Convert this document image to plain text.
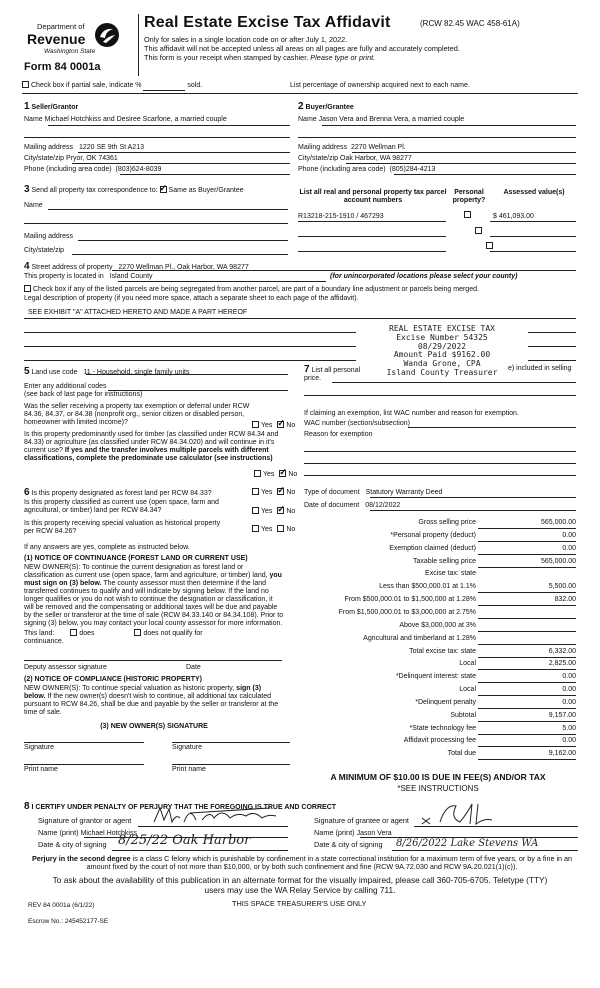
Department of
Revenue
Washington State
Form 84 0001a
Real Estate Excise Tax Affidavit	(RCW 82.45 WAC 458-61A)
Only for sales in a single location code on or after July 1, 2022.
This affidavit will not be accepted unless all areas on all pages are fully and accurately completed.
This form is your receipt when stamped by cashier. Please type or print.
Check box if partial sale, indicate %	sold.	List percentage of ownership acquired next to each name.
1 Seller/Grantor
Name Michael Hotchkiss and Desiree Scarfone, a married couple
Mailing address 1220 SE 9th St A213
City/state/zip Pryor, OK 74361
Phone (including area code) (803)624-8039
2 Buyer/Grantee
Name Jason Vera and Brenna Vera, a married couple
Mailing address 2270 Wellman Pl.
City/state/zip Oak Harbor, WA 98277
Phone (including area code) (805)284-4213
3 Send all property tax correspondence to: ✓ Same as Buyer/Grantee
Name
Mailing address
City/state/zip
List all real and personal property tax parcel account numbers
Personal property?
Assessed value(s)
R13218-215-1910 / 467293
	$ 461,093.00

4 Street address of property 2270 Wellman Pl., Oak Harbor, WA 98277
This property is located in Island County	(for unincorporated locations please select your county)
Check box if any of the listed parcels are being segregated from another parcel, are part of a boundary line adjustment or parcels being merged.
Legal description of property (if you need more space, attach a separate sheet to each page of the affidavit).
SEE EXHIBIT "A" ATTACHED HERETO AND MADE A PART HEREOF
REAL ESTATE EXCISE TAX
Excise Number 54325
08/29/2022
Amount Paid $9162.00
Wanda Grone, CPA
Island County Treasurer
5 Land use code 11 - Household, single family units
Enter any additional codes
(see back of last page for instructions)
Was the seller receiving a property tax exemption or deferral under RCW 84.36, 84.37, or 84.38 (nonprofit org., senior citizen or disabled person, homeowner with limited income)?	Yes ✓ No
Is this property predominantly used for timber (as classified under RCW 84.34 and 84.33) or agriculture (as classified under RCW 84.34.020) and will continue in it's current use? If yes and the transfer involves multiple parcels with different classifications, complete the predominate use calculator (see instructions)
Yes ✓ No
7 List all personal	e) included in selling
price.
If claiming an exemption, list WAC number and reason for exemption.
WAC number (section/subsection)
Reason for exemption
6 Is this property designated as forest land per RCW 84.33?	Yes ✓ No
Is this property classified as current use (open space, farm and agricultural, or timber) land per RCW 84.34?	Yes ✓ No
Is this property receiving special valuation as historical property per RCW 84.26?	Yes No
If any answers are yes, complete as instructed below.
(1) NOTICE OF CONTINUANCE (FOREST LAND OR CURRENT USE)
NEW OWNER(S): To continue the current designation as forest land or classification as current use (open space, farm and agriculture, or timber) land, you must sign on (3) below. The county assessor must then determine if the land transferred continues to qualify and will indicate by signing below. If the land no longer qualifies or you do not wish to continue the designation or classification, it will be removed and the compensating or additional taxes will be due and payable by the seller or transferor at the time of sale (RCW 84.33.140 or 84.34.108). Prior to signing (3) below, you may contact your local county assessor for more information.
This land:	does	does not qualify for
continuance.
Deputy assessor signature	Date
(2) NOTICE OF COMPLIANCE (HISTORIC PROPERTY)
NEW OWNER(S): To continue special valuation as historic property, sign (3) below. If the new owner(s) doesn't wish to continue, all additional tax calculated pursuant to RCW 84.26, shall be due and payable by the seller or transferor at the time of sale.
(3) NEW OWNER(S) SIGNATURE
Signature	Signature
Print name	Print name
Type of document Statutory Warranty Deed
Date of document 08/12/2022
Gross selling price	565,000.00
*Personal property (deduct)	0.00
Exemption claimed (deduct)	0.00
Taxable selling price	565,000.00
Excise tax: state
Less than $500,000.01 at 1.1%	5,500.00
From $500,000.01 to $1,500,000 at 1.28%	832.00
From $1,500,000.01 to $3,000,000 at 2.75%
Above $3,000,000 at 3%
Agricultural and timberland at 1.28%
Total excise tax: state	6,332.00
Local	2,825.00
*Delinquent interest: state	0.00
Local	0.00
*Delinquent penalty	0.00
Subtotal	9,157.00
*State technology fee	5.00
Affidavit processing fee	0.00
Total due	9,162.00
A MINIMUM OF $10.00 IS DUE IN FEE(S) AND/OR TAX
*SEE INSTRUCTIONS
8 I CERTIFY UNDER PENALTY OF PERJURY THAT THE FOREGOING IS TRUE AND CORRECT
Signature of grantor or agent
Name (print) Michael Hotchkiss
Date & city of signing 8/25/22 Oak Harbor
Signature of grantee or agent
Name (print) Jason Vera
Date & city of signing 8/26/2022 Lake Stevens WA
Perjury in the second degree is a class C felony which is punishable by confinement in a state correctional institution for a maximum term of five years, or by a fine in an amount fixed by the court of not more than $10,000, or by both such confinement and fine (RCW 9A.72.030 and RCW 9A.20.021(1)(c)).
To ask about the availability of this publication in an alternate format for the visually impaired, please call 360-705-6705. Teletype (TTY) users may use the WA Relay Service by calling 711.
REV 84 0001a (6/1/22)	THIS SPACE TREASURER'S USE ONLY
Escrow No.: 245452177-SE
